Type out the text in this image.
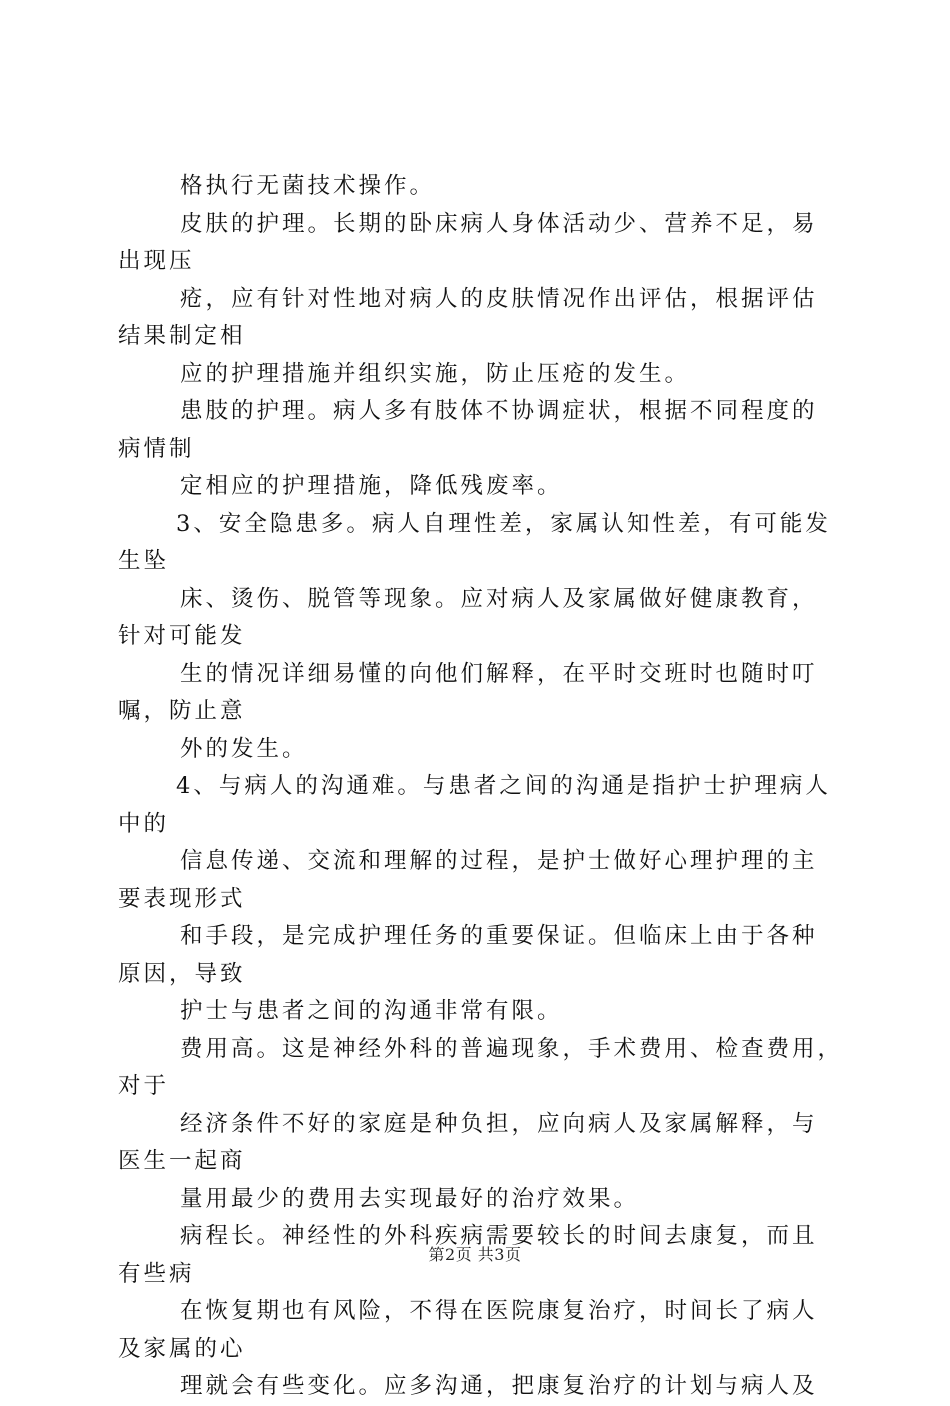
格执行无菌技术操作。
皮肤的护理。长期的卧床病人身体活动少、营养不足，易
出现压
疮，应有针对性地对病人的皮肤情况作出评估，根据评估
结果制定相
应的护理措施并组织实施，防止压疮的发生。
患肢的护理。病人多有肢体不协调症状，根据不同程度的
病情制
定相应的护理措施，降低残废率。
3、安全隐患多。病人自理性差，家属认知性差，有可能发
生坠
床、烫伤、脱管等现象。应对病人及家属做好健康教育，
针对可能发
生的情况详细易懂的向他们解释，在平时交班时也随时叮
嘱，防止意
外的发生。
4、与病人的沟通难。与患者之间的沟通是指护士护理病人
中的
信息传递、交流和理解的过程，是护士做好心理护理的主
要表现形式
和手段，是完成护理任务的重要保证。但临床上由于各种
原因，导致
护士与患者之间的沟通非常有限。
费用高。这是神经外科的普遍现象，手术费用、检查费用，
对于
经济条件不好的家庭是种负担，应向病人及家属解释，与
医生一起商
量用最少的费用去实现最好的治疗效果。
病程长。神经性的外科疾病需要较长的时间去康复，而且
有些病
在恢复期也有风险，不得在医院康复治疗，时间长了病人
及家属的心
理就会有些变化。应多沟通，把康复治疗的计划与病人及
第2页 共3页
